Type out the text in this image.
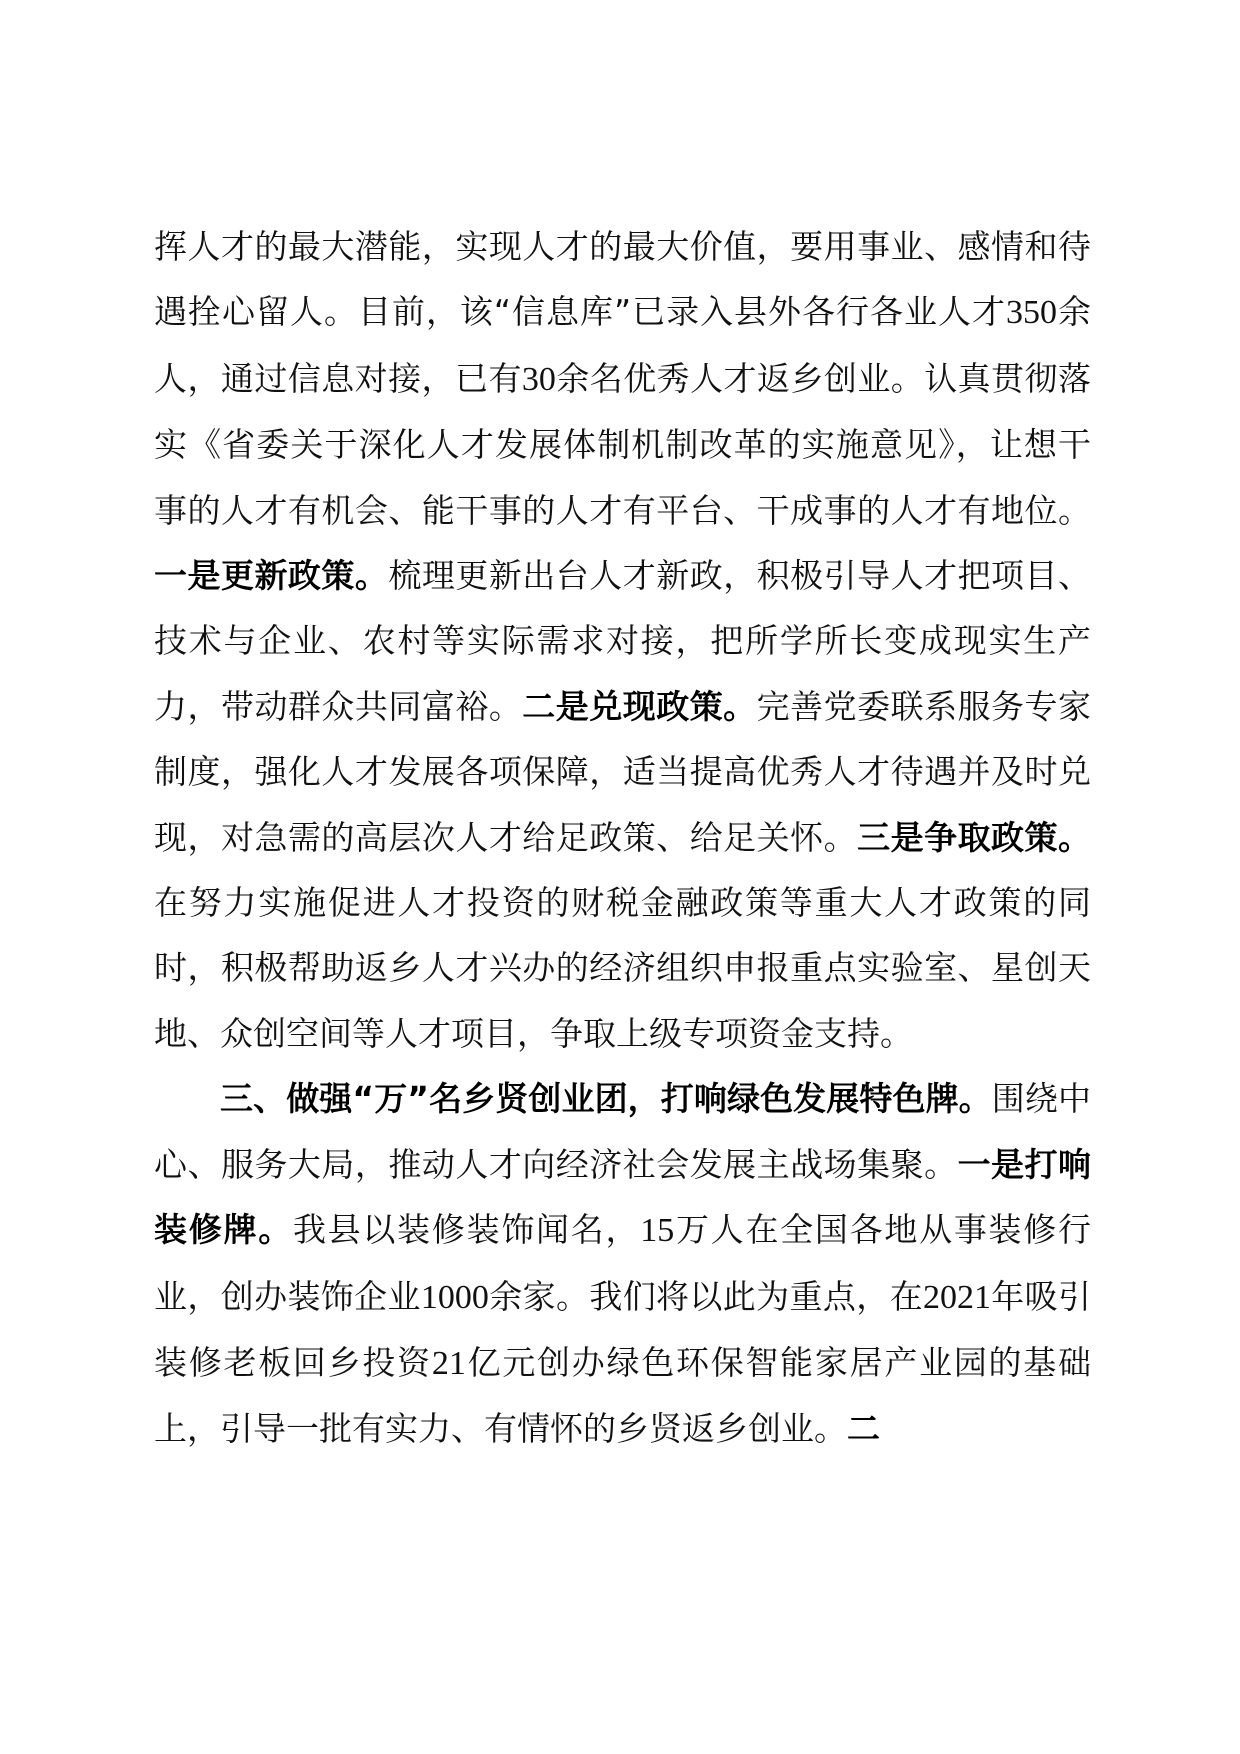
挥人才的最大潜能，实现人才的最大价值，要用事业、感情和待遇拴心留人。目前，该“信息库”已录入县外各行各业人才350余人，通过信息对接，已有30余名优秀人才返乡创业。认真贯彻落实《省委关于深化人才发展体制机制改革的实施意见》，让想干事的人才有机会、能干事的人才有平台、干成事的人才有地位。一是更新政策。梳理更新出台人才新政，积极引导人才把项目、技术与企业、农村等实际需求对接，把所学所长变成现实生产力，带动群众共同富裕。二是兑现政策。完善党委联系服务专家制度，强化人才发展各项保障，适当提高优秀人才待遇并及时兑现，对急需的高层次人才给足政策、给足关怀。三是争取政策。在努力实施促进人才投资的财税金融政策等重大人才政策的同时，积极帮助返乡人才兴办的经济组织申报重点实验室、星创天地、众创空间等人才项目，争取上级专项资金支持。

三、做强“万”名乡贤创业团，打响绿色发展特色牌。围绕中心、服务大局，推动人才向经济社会发展主战场集聚。一是打响装修牌。我县以装修装饰闻名，15万人在全国各地从事装修行业，创办装饰企业1000余家。我们将以此为重点，在2021年吸引装修老板回乡投资21亿元创办绿色环保智能家居产业园的基础上，引导一批有实力、有情怀的乡贤返乡创业。二
